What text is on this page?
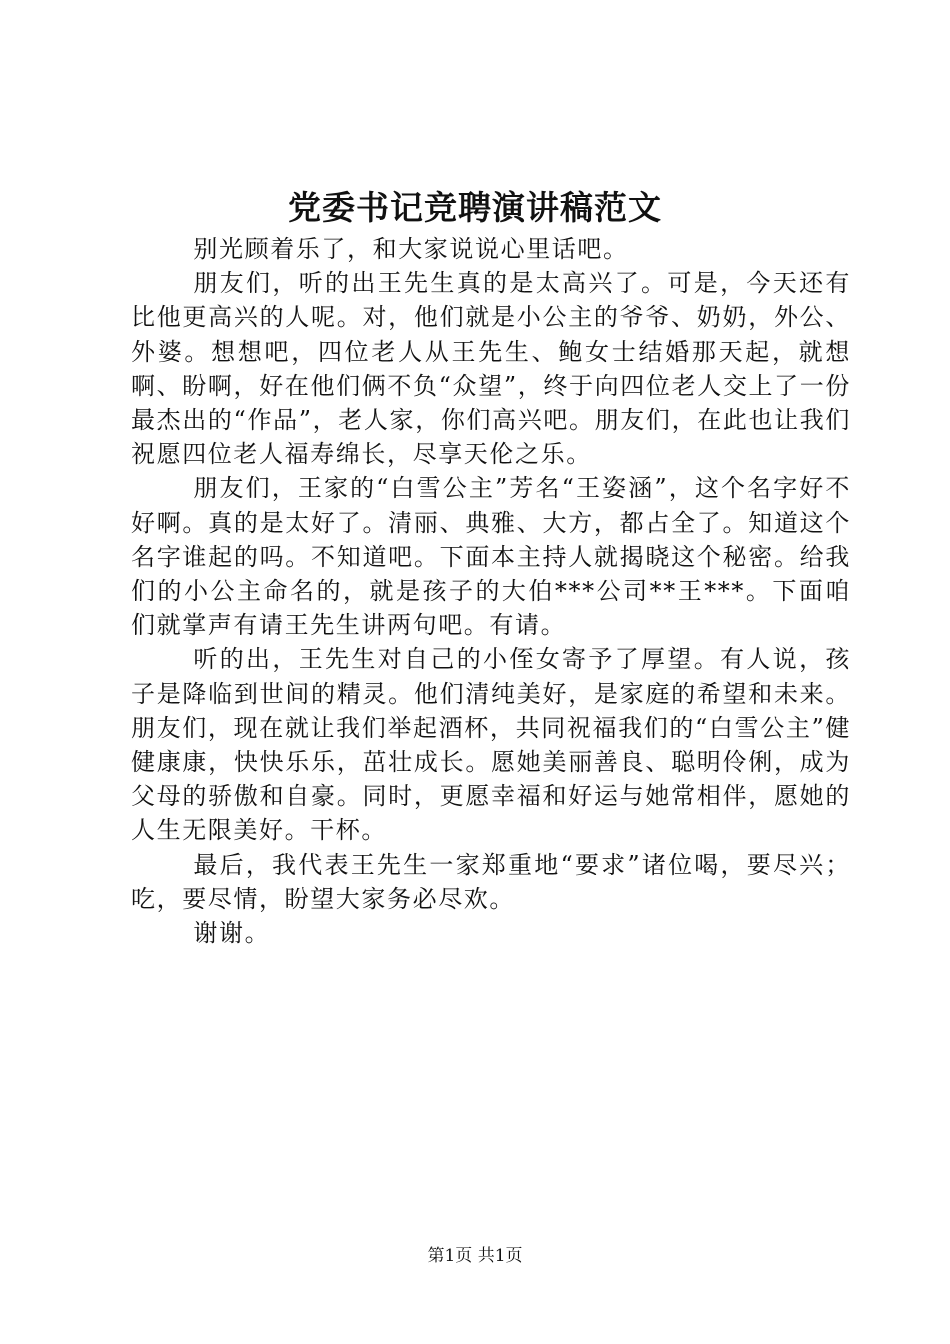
党委书记竞聘演讲稿范文

别光顾着乐了，和大家说说心里话吧。

朋友们，听的出王先生真的是太高兴了。可是，今天还有比他更高兴的人呢。对，他们就是小公主的爷爷、奶奶，外公、外婆。想想吧，四位老人从王先生、鲍女士结婚那天起，就想啊、盼啊，好在他们俩不负“众望”，终于向四位老人交上了一份最杰出的“作品”，老人家，你们高兴吧。朋友们，在此也让我们祝愿四位老人福寿绵长，尽享天伦之乐。

朋友们，王家的“白雪公主”芳名“王姿涵”，这个名字好不好啊。真的是太好了。清丽、典雅、大方，都占全了。知道这个名字谁起的吗。不知道吧。下面本主持人就揭晓这个秘密。给我们的小公主命名的，就是孩子的大伯***公司**王***。下面咱们就掌声有请王先生讲两句吧。有请。

听的出，王先生对自己的小侄女寄予了厚望。有人说，孩子是降临到世间的精灵。他们清纯美好，是家庭的希望和未来。朋友们，现在就让我们举起酒杯，共同祝福我们的“白雪公主”健健康康，快快乐乐，茁壮成长。愿她美丽善良、聪明伶俐，成为父母的骄傲和自豪。同时，更愿幸福和好运与她常相伴，愿她的人生无限美好。干杯。

最后，我代表王先生一家郑重地“要求”诸位喝，要尽兴；吃，要尽情，盼望大家务必尽欢。

谢谢。

第1页 共1页
